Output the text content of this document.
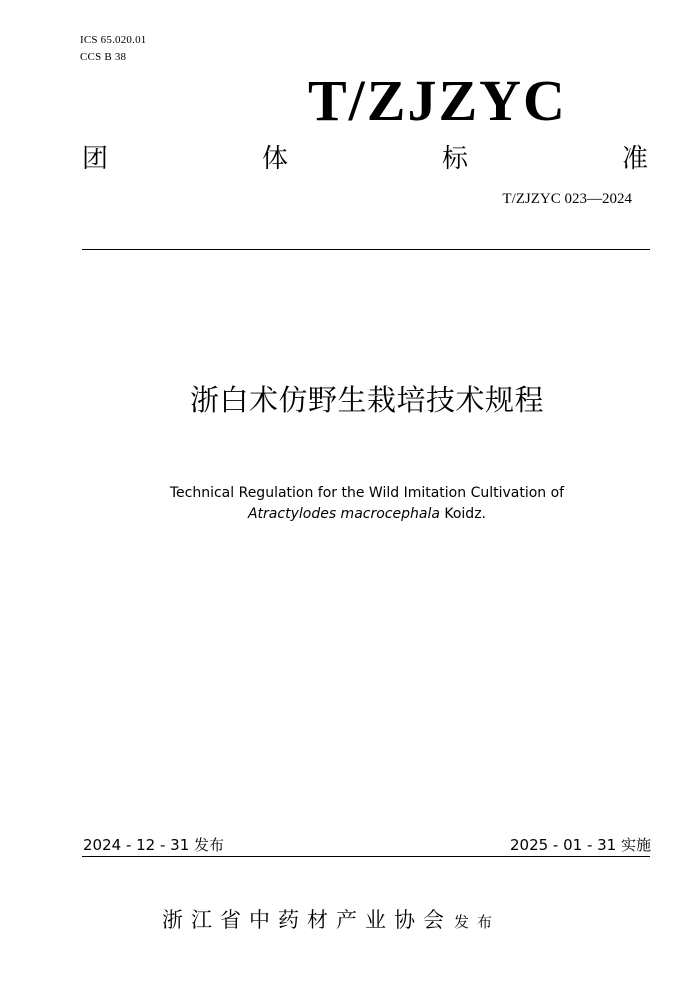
ICS 65.020.01
CCS B 38
T/ZJZYC
团	体	标	准
T/ZJZYC 023—2024
浙白术仿野生栽培技术规程
Technical Regulation for the Wild Imitation Cultivation of
Atractylodes macrocephala Koidz.
2024 - 12 - 31 发布	2025 - 01 - 31 实施
浙江省中药材产业协会 发布
